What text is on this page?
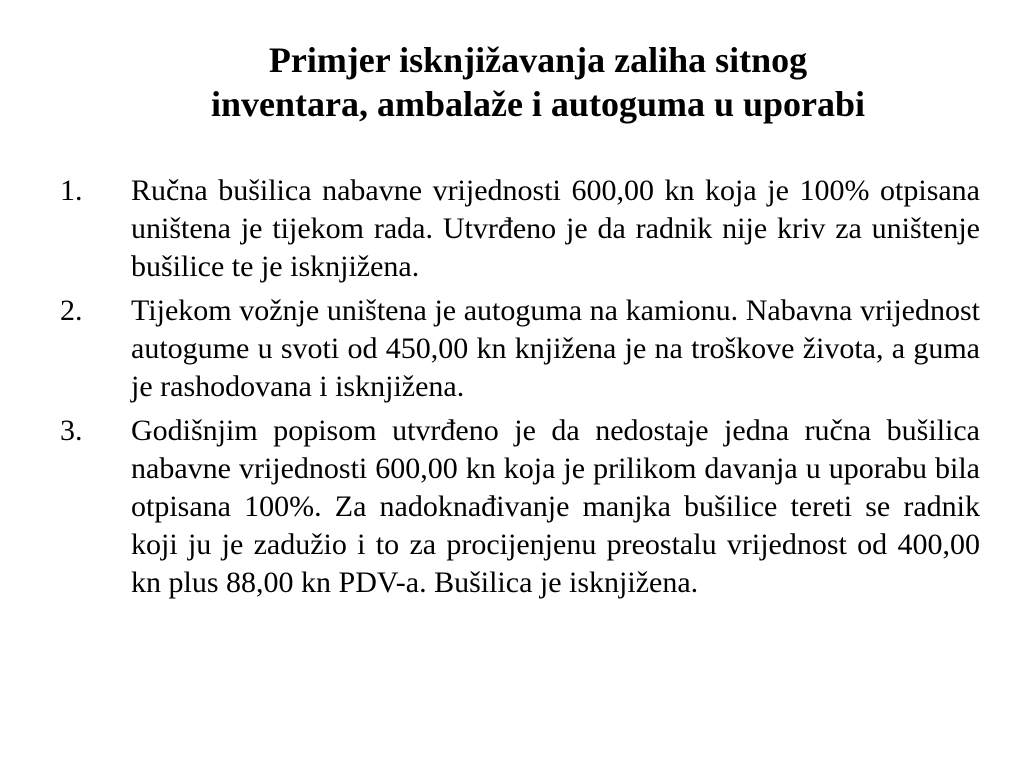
Primjer isknjižavanja zaliha sitnog
inventara, ambalaže i autoguma u uporabi
1. Ručna bušilica nabavne vrijednosti 600,00 kn koja je 100% otpisana uništena je tijekom rada. Utvrđeno je da radnik nije kriv za uništenje bušilice te je isknjižena.
2. Tijekom vožnje uništena je autoguma na kamionu. Nabavna vrijednost autogume u svoti od 450,00 kn knjižena je na troškove života, a guma je rashodovana i isknjižena.
3. Godišnjim popisom utvrđeno je da nedostaje jedna ručna bušilica nabavne vrijednosti 600,00 kn koja je prilikom davanja u uporabu bila otpisana 100%. Za nadoknađivanje manjka bušilice tereti se radnik koji ju je zadužio i to za procijenjenu preostalu vrijednost od 400,00 kn plus 88,00 kn PDV-a. Bušilica je isknjižena.
